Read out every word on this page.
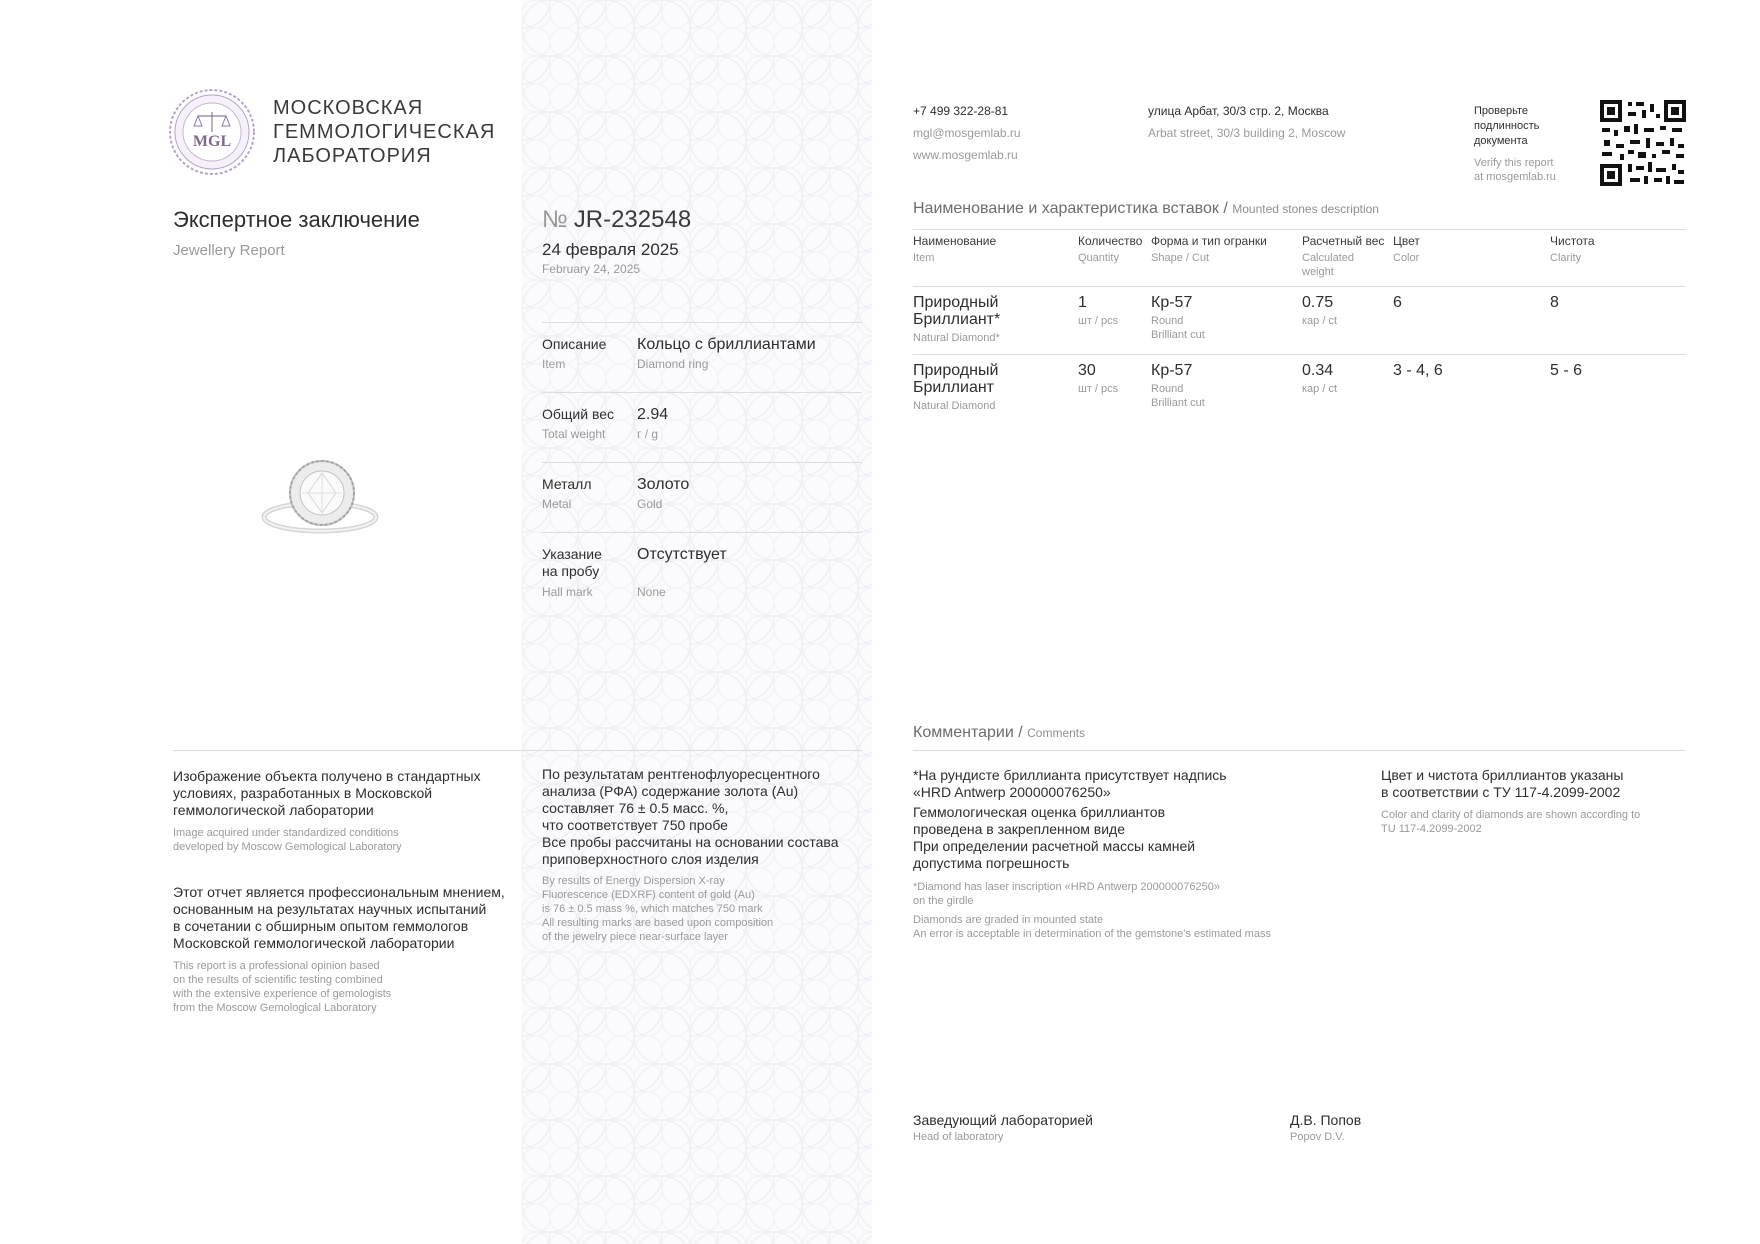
MGL
МОСКОВСКАЯ
ГЕММОЛОГИЧЕСКАЯ
ЛАБОРАТОРИЯ
Экспертное заключение
Jewellery Report
№ JR-232548
24 февраля 2025
February 24, 2025
Описание
Item
Кольцо с бриллиантами
Diamond ring
Общий вес
Total weight
2.94
г / g
Металл
Metal
Золото
Gold
Указание
на пробу
Hall mark
Отсутствует
None
+7 499 322-28-81
mgl@mosgemlab.ru
www.mosgemlab.ru
улица Арбат, 30/3 стр. 2, Москва
Arbat street, 30/3 building 2, Moscow
Проверьте
подлинность
документа
Verify this report
at mosgemlab.ru
Наименование и характеристика вставок / Mounted stones description
Наименование
Item
Количество
Quantity
Форма и тип огранки
Shape / Cut
Расчетный вес
Calculated
weight
Цвет
Color
Чистота
Clarity
Природный
Бриллиант*
Natural Diamond*
1
шт / pcs
Кр-57
Round
Brilliant cut
0.75
кар / ct
6	8
Природный
Бриллиант
Natural Diamond
30
шт / pcs
Кр-57
Round
Brilliant cut
0.34
кар / ct
3 - 4, 6	5 - 6
Комментарии / Comments
*На рундисте бриллианта присутствует надпись
«HRD Antwerp 200000076250»
Геммологическая оценка бриллиантов
проведена в закрепленном виде
При определении расчетной массы камней
допустима погрешность
*Diamond has laser inscription «HRD Antwerp 200000076250»
on the girdle
Diamonds are graded in mounted state
An error is acceptable in determination of the gemstone's estimated mass
Цвет и чистота бриллиантов указаны
в соответствии с ТУ 117-4.2099-2002
Color and clarity of diamonds are shown according to
TU 117-4.2099-2002
Изображение объекта получено в стандартных
условиях, разработанных в Московской
геммологической лаборатории
Image acquired under standardized conditions
developed by Moscow Gemological Laboratory
Этот отчет является профессиональным мнением,
основанным на результатах научных испытаний
в сочетании с обширным опытом геммологов
Московской геммологической лаборатории
This report is a professional opinion based
on the results of scientific testing combined
with the extensive experience of gemologists
from the Moscow Gemological Laboratory
По результатам рентгенофлуоресцентного
анализа (РФА) содержание золота (Au)
составляет 76 ± 0.5 масс. %,
что соответствует 750 пробе
Все пробы рассчитаны на основании состава
приповерхностного слоя изделия
By results of Energy Dispersion X-ray
Fluorescence (EDXRF) content of gold (Au)
is 76 ± 0.5 mass %, which matches 750 mark
All resulting marks are based upon composition
of the jewelry piece near-surface layer
Заведующий лабораторией
Head of laboratory
Д.В. Попов
Popov D.V.
